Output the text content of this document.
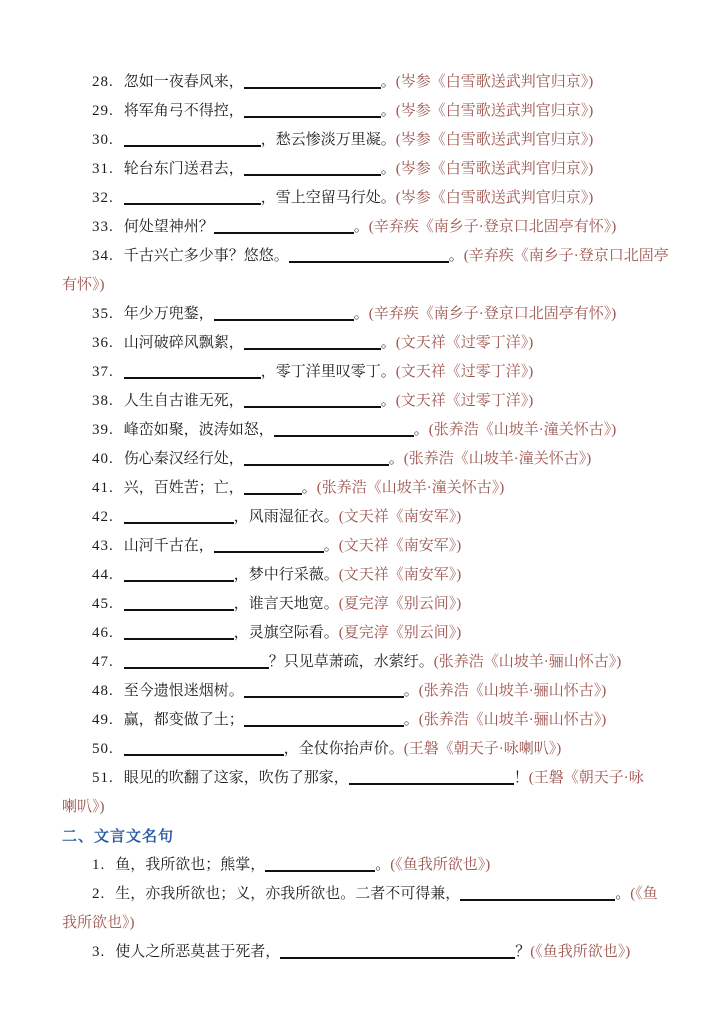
28. 忽如一夜春风来，	。(岑参《白雪歌送武判官归京》)
29. 将军角弓不得控，	。(岑参《白雪歌送武判官归京》)
30.	，愁云惨淡万里凝。(岑参《白雪歌送武判官归京》)
31. 轮台东门送君去，	。(岑参《白雪歌送武判官归京》)
32.	，雪上空留马行处。(岑参《白雪歌送武判官归京》)
33. 何处望神州？	。(辛弃疾《南乡子·登京口北固亭有怀》)
34. 千古兴亡多少事？悠悠。	。(辛弃疾《南乡子·登京口北固亭
有怀》)
35. 年少万兜鍪，	。(辛弃疾《南乡子·登京口北固亭有怀》)
36. 山河破碎风飘絮，	。(文天祥《过零丁洋》)
37.	，零丁洋里叹零丁。(文天祥《过零丁洋》)
38. 人生自古谁无死，	。(文天祥《过零丁洋》)
39. 峰峦如聚，波涛如怒，	。(张养浩《山坡羊·潼关怀古》)
40. 伤心秦汉经行处，	。(张养浩《山坡羊·潼关怀古》)
41. 兴，百姓苦；亡，	。(张养浩《山坡羊·潼关怀古》)
42.	，风雨湿征衣。(文天祥《南安军》)
43. 山河千古在，	。(文天祥《南安军》)
44.	，梦中行采薇。(文天祥《南安军》)
45.	，谁言天地宽。(夏完淳《别云间》)
46.	，灵旗空际看。(夏完淳《别云间》)
47.	？只见草萧疏，水萦纡。(张养浩《山坡羊·骊山怀古》)
48. 至今遗恨迷烟树。	。(张养浩《山坡羊·骊山怀古》)
49. 赢，都变做了土；	。(张养浩《山坡羊·骊山怀古》)
50.	，全仗你抬声价。(王磐《朝天子·咏喇叭》)
51. 眼见的吹翻了这家，吹伤了那家，	！(王磐《朝天子·咏
喇叭》)
二、文言文名句
1. 鱼，我所欲也；熊掌，	。(《鱼我所欲也》)
2. 生，亦我所欲也；义，亦我所欲也。二者不可得兼，	。(《鱼
我所欲也》)
3. 使人之所恶莫甚于死者，	？(《鱼我所欲也》)
